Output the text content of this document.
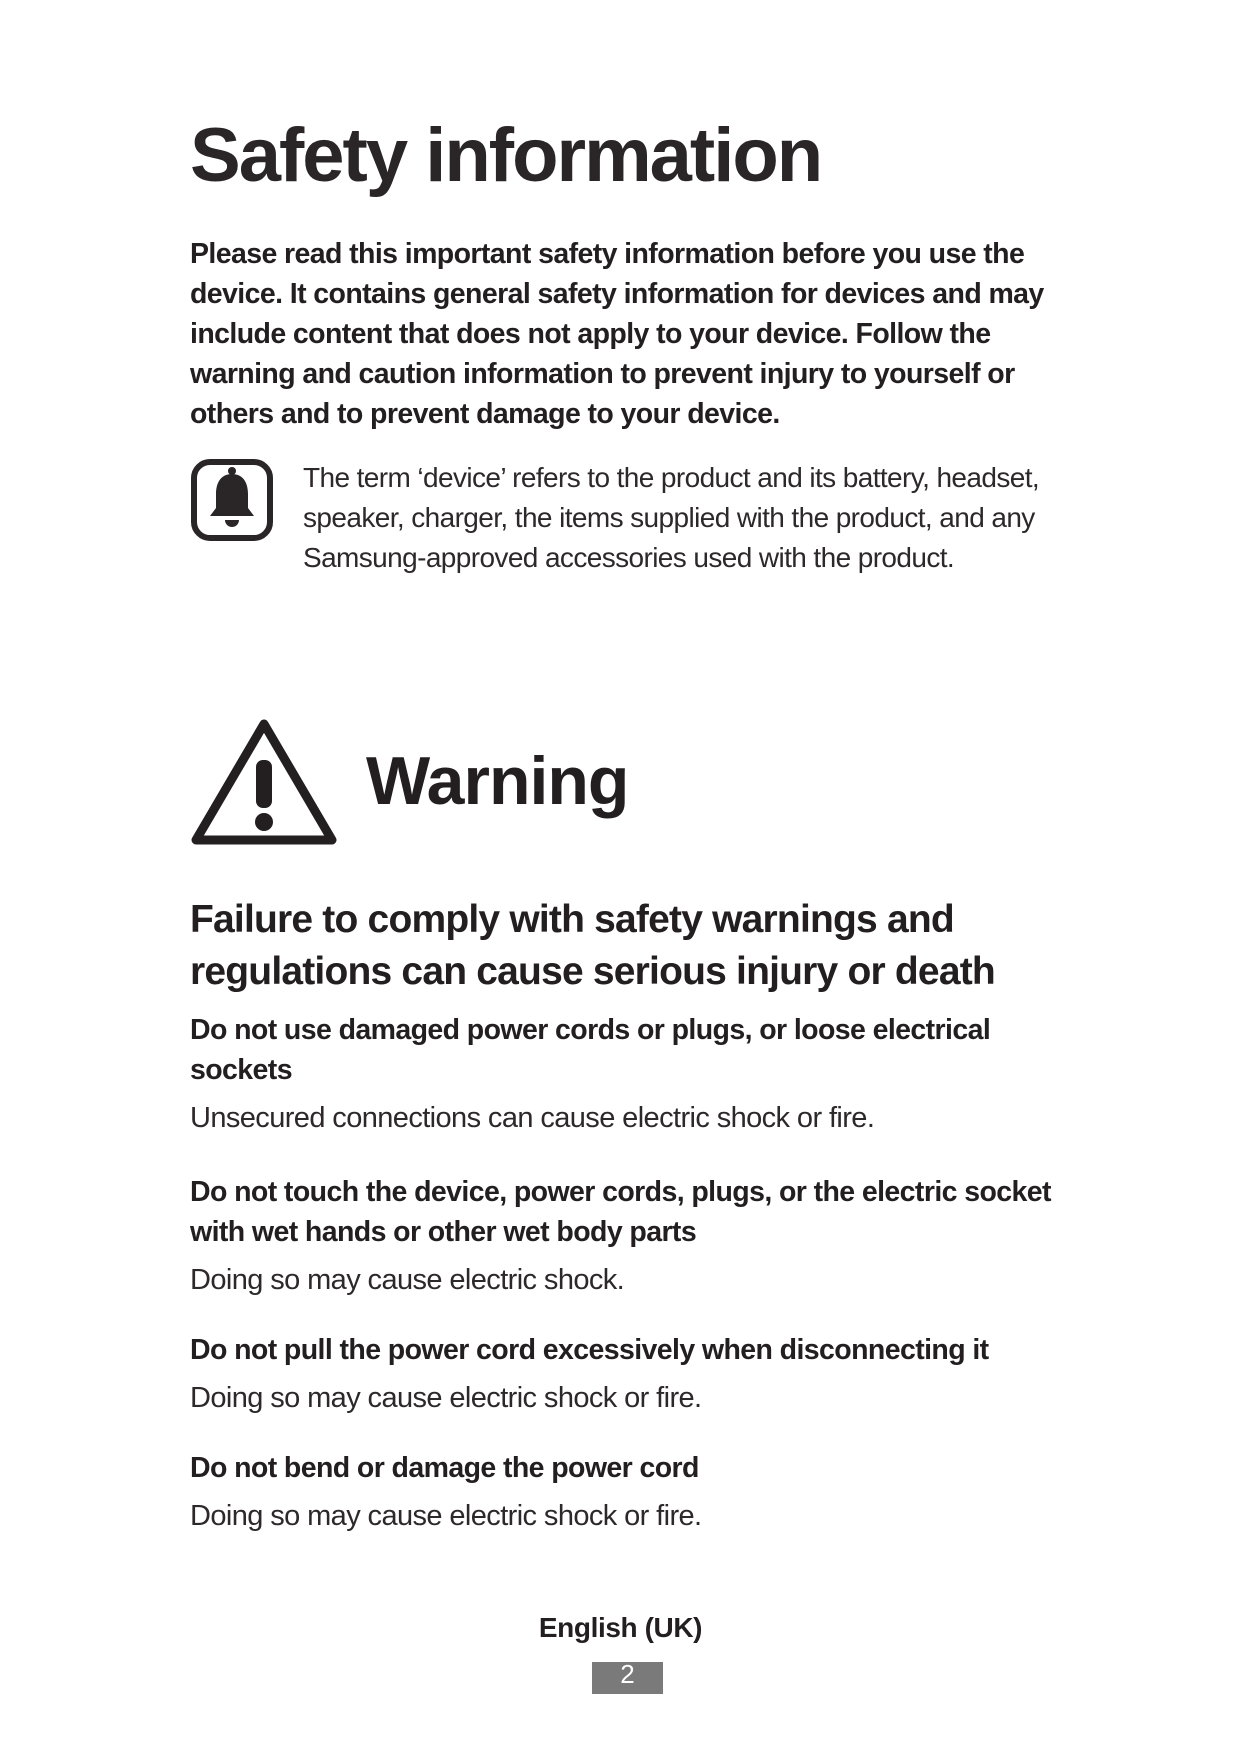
Safety information

Please read this important safety information before you use the device. It contains general safety information for devices and may include content that does not apply to your device. Follow the warning and caution information to prevent injury to yourself or others and to prevent damage to your device.

The term ‘device’ refers to the product and its battery, headset, speaker, charger, the items supplied with the product, and any Samsung-approved accessories used with the product.

Warning
Failure to comply with safety warnings and regulations can cause serious injury or death

Do not use damaged power cords or plugs, or loose electrical sockets

Unsecured connections can cause electric shock or fire.

Do not touch the device, power cords, plugs, or the electric socket with wet hands or other wet body parts

Doing so may cause electric shock.

Do not pull the power cord excessively when disconnecting it

Doing so may cause electric shock or fire.

Do not bend or damage the power cord

Doing so may cause electric shock or fire.

English (UK)

2
